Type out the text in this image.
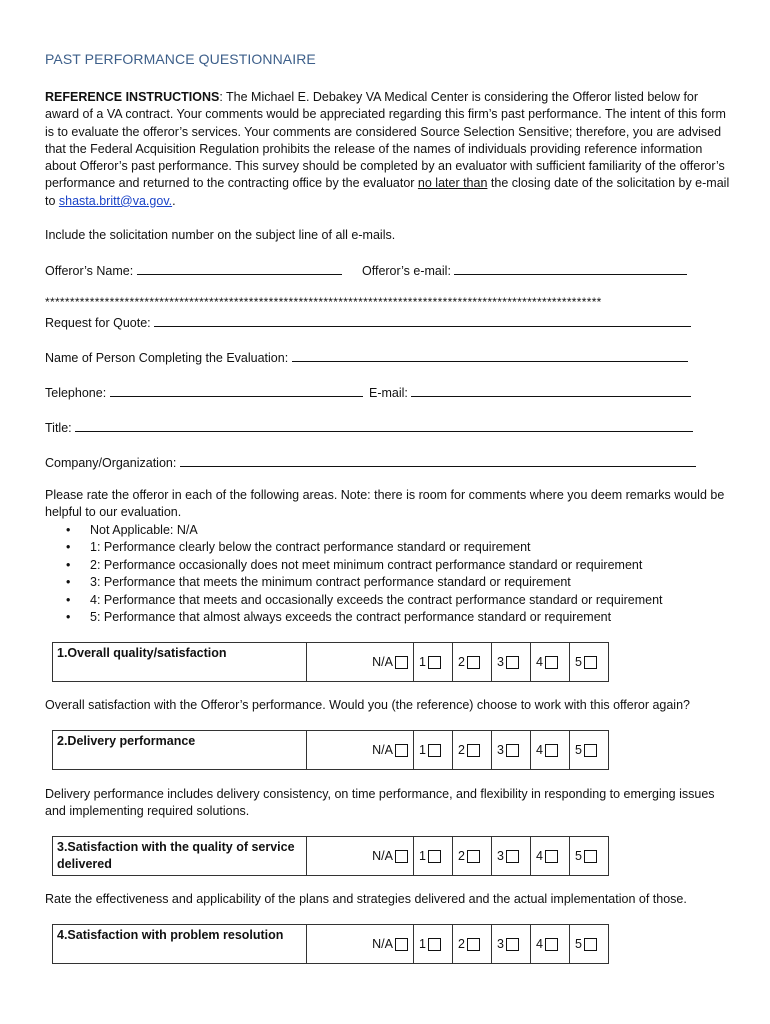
PAST PERFORMANCE QUESTIONNAIRE
REFERENCE INSTRUCTIONS: The Michael E. Debakey VA Medical Center is considering the Offeror listed below for award of a VA contract. Your comments would be appreciated regarding this firm’s past performance. The intent of this form is to evaluate the offeror’s services. Your comments are considered Source Selection Sensitive; therefore, you are advised that the Federal Acquisition Regulation prohibits the release of the names of individuals providing reference information about Offeror’s past performance. This survey should be completed by an evaluator with sufficient familiarity of the offeror’s performance and returned to the contracting office by the evaluator no later than the closing date of the solicitation by e-mail to shasta.britt@va.gov..
Include the solicitation number on the subject line of all e-mails.
Offeror’s Name:	Offeror’s e-mail:
****************************************************************************************************************
Request for Quote:
Name of Person Completing the Evaluation:
Telephone:	E-mail:
Title:
Company/Organization:
Please rate the offeror in each of the following areas. Note: there is room for comments where you deem remarks would be helpful to our evaluation.
• Not Applicable: N/A
• 1: Performance clearly below the contract performance standard or requirement
• 2: Performance occasionally does not meet minimum contract performance standard or requirement
• 3: Performance that meets the minimum contract performance standard or requirement
• 4: Performance that meets and occasionally exceeds the contract performance standard or requirement
• 5: Performance that almost always exceeds the contract performance standard or requirement
1.Overall quality/satisfaction	
N/A	1	2	3	4	5
Overall satisfaction with the Offeror’s performance. Would you (the reference) choose to work with this offeror again?
2.Delivery performance	
N/A	1	2	3	4	5
Delivery performance includes delivery consistency, on time performance, and flexibility in responding to emerging issues and implementing required solutions.
3.Satisfaction with the quality of service delivered	
N/A	1	2	3	4	5
Rate the effectiveness and applicability of the plans and strategies delivered and the actual implementation of those.
4.Satisfaction with problem resolution	
N/A	1	2	3	4	5
